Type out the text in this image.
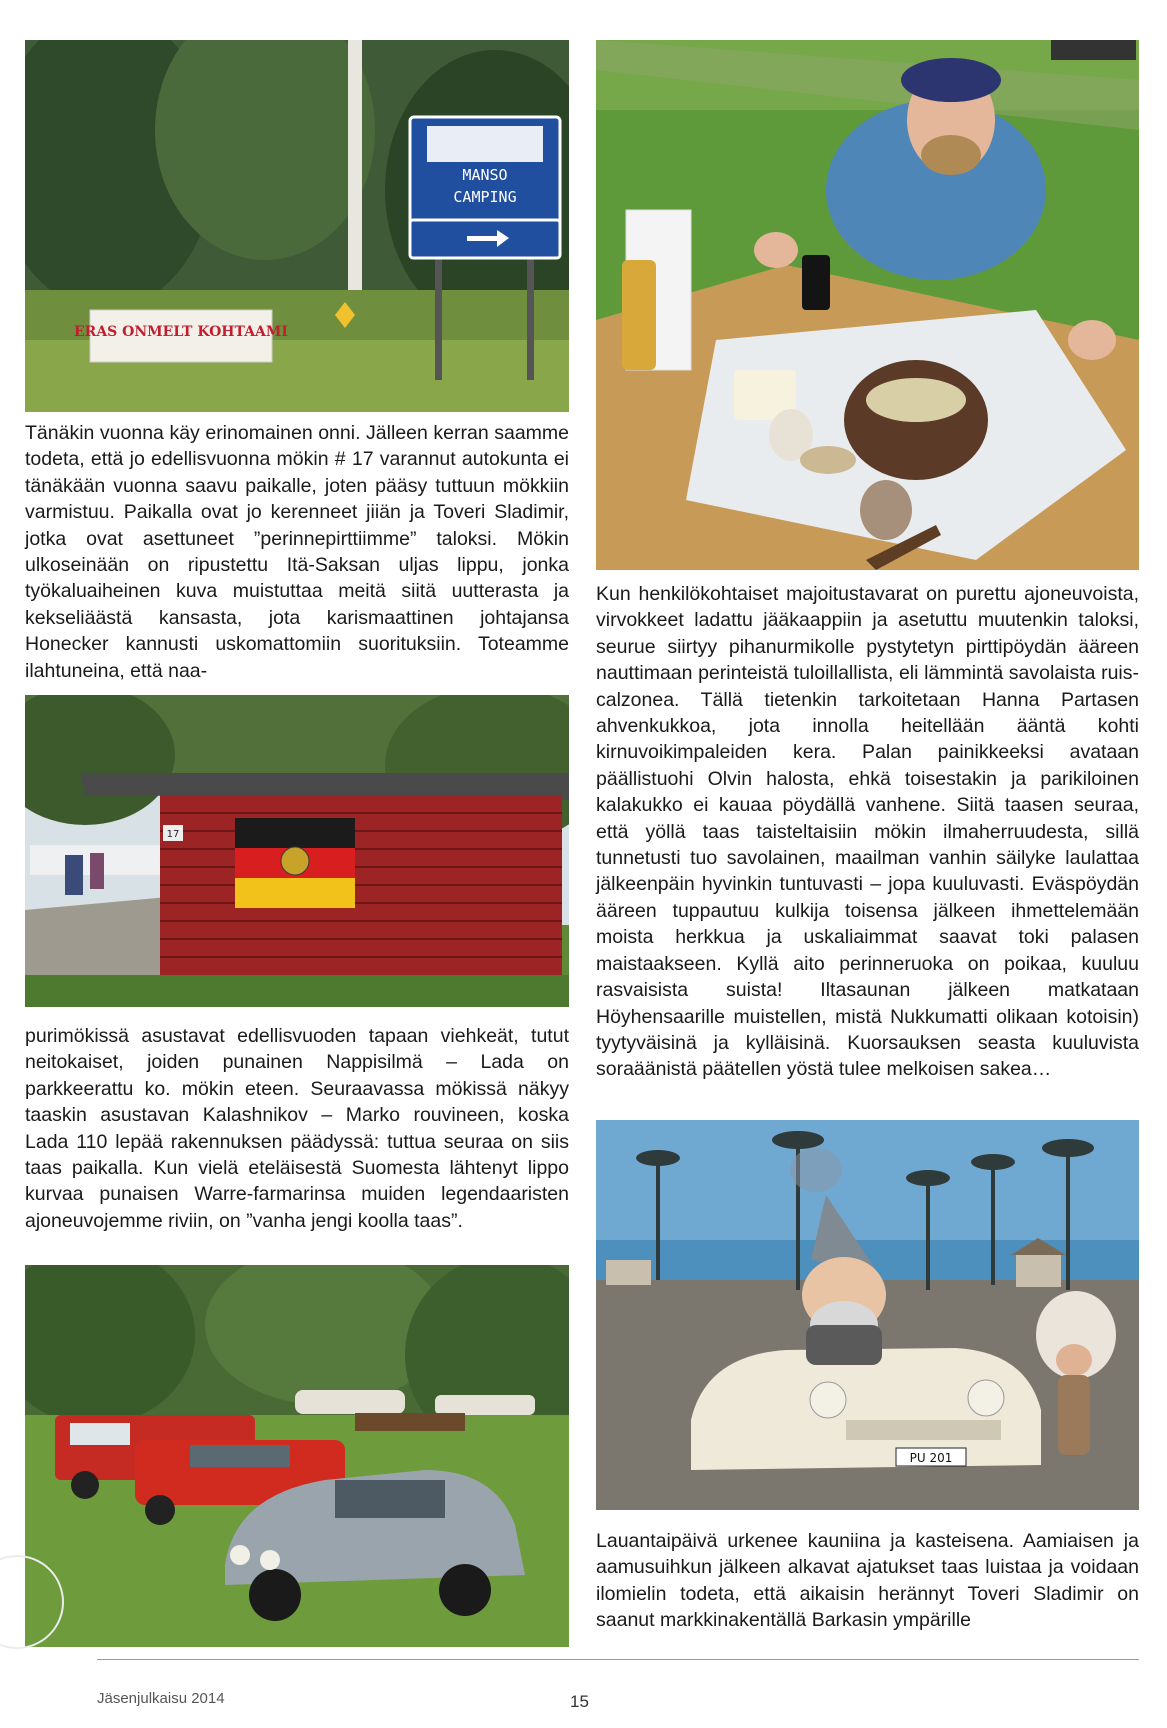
MANSO
CAMPING
ERAS ONMELT KOHTAAMI
17
PU 201

Tänäkin vuonna käy erinomainen onni. Jälleen kerran saamme todeta, että jo edellisvuonna mökin # 17 varannut autokunta ei tänäkään vuonna saavu paikalle, joten pääsy tuttuun mökkiin varmistuu. Paikalla ovat jo kerenneet jiiän ja Toveri Sladimir, jotka ovat asettuneet ”perinnepirttiimme” taloksi. Mökin ulkoseinään on ripustettu Itä-Saksan uljas lippu, jonka työkaluaiheinen kuva muistuttaa meitä siitä uutterasta ja kekseliäästä kansasta, jota karismaattinen johtajansa Honecker kannusti uskomattomiin suorituksiin. Toteamme ilahtuneina, että naa-

purimökissä asustavat edellisvuoden tapaan viehkeät, tutut neitokaiset, joiden punainen Nappisilmä – Lada on parkkeerattu ko. mökin eteen. Seuraavassa mökissä näkyy taaskin asustavan Kalashnikov – Marko rouvineen, koska Lada 110 lepää rakennuksen päädyssä: tuttua seuraa on siis taas paikalla. Kun vielä eteläisestä Suomesta lähtenyt lippo kurvaa punaisen Warre-farmarinsa muiden legendaaristen ajoneuvojemme riviin, on ”vanha jengi koolla taas”.

Kun henkilökohtaiset majoitustavarat on purettu ajoneuvoista, virvokkeet ladattu jääkaappiin ja asetuttu muutenkin taloksi, seurue siirtyy pihanurmikolle pystytetyn pirttipöydän ääreen nauttimaan perinteistä tuloillallista, eli lämmintä savolaista ruis-calzonea. Tällä tietenkin tarkoitetaan Hanna Partasen ahvenkukkoa, jota innolla heitellään ääntä kohti kirnuvoikimpaleiden kera. Palan painikkeeksi avataan päällistuohi Olvin halosta, ehkä toisestakin ja parikiloinen kalakukko ei kauaa pöydällä vanhene. Siitä taasen seuraa, että yöllä taas taisteltaisiin mökin ilmaherruudesta, sillä tunnetusti tuo savolainen, maailman vanhin säilyke laulattaa jälkeenpäin hyvinkin tuntuvasti – jopa kuuluvasti. Eväspöydän ääreen tuppautuu kulkija toisensa jälkeen ihmettelemään moista herkkua ja uskaliaimmat saavat toki palasen maistaakseen. Kyllä aito perinneruoka on poikaa, kuuluu rasvaisista suista! Iltasaunan jälkeen matkataan Höyhensaarille muistellen, mistä Nukkumatti olikaan kotoisin) tyytyväisinä ja kylläisinä. Kuorsauksen seasta kuuluvista soraäänistä päätellen yöstä tulee melkoisen sakea…

Lauantaipäivä urkenee kauniina ja kasteisena. Aamiaisen ja aamusuihkun jälkeen alkavat ajatukset taas luistaa ja voidaan ilomielin todeta, että aikaisin herännyt Toveri Sladimir on saanut markkinakentällä Barkasin ympärille

Jäsenjulkaisu 2014	15
